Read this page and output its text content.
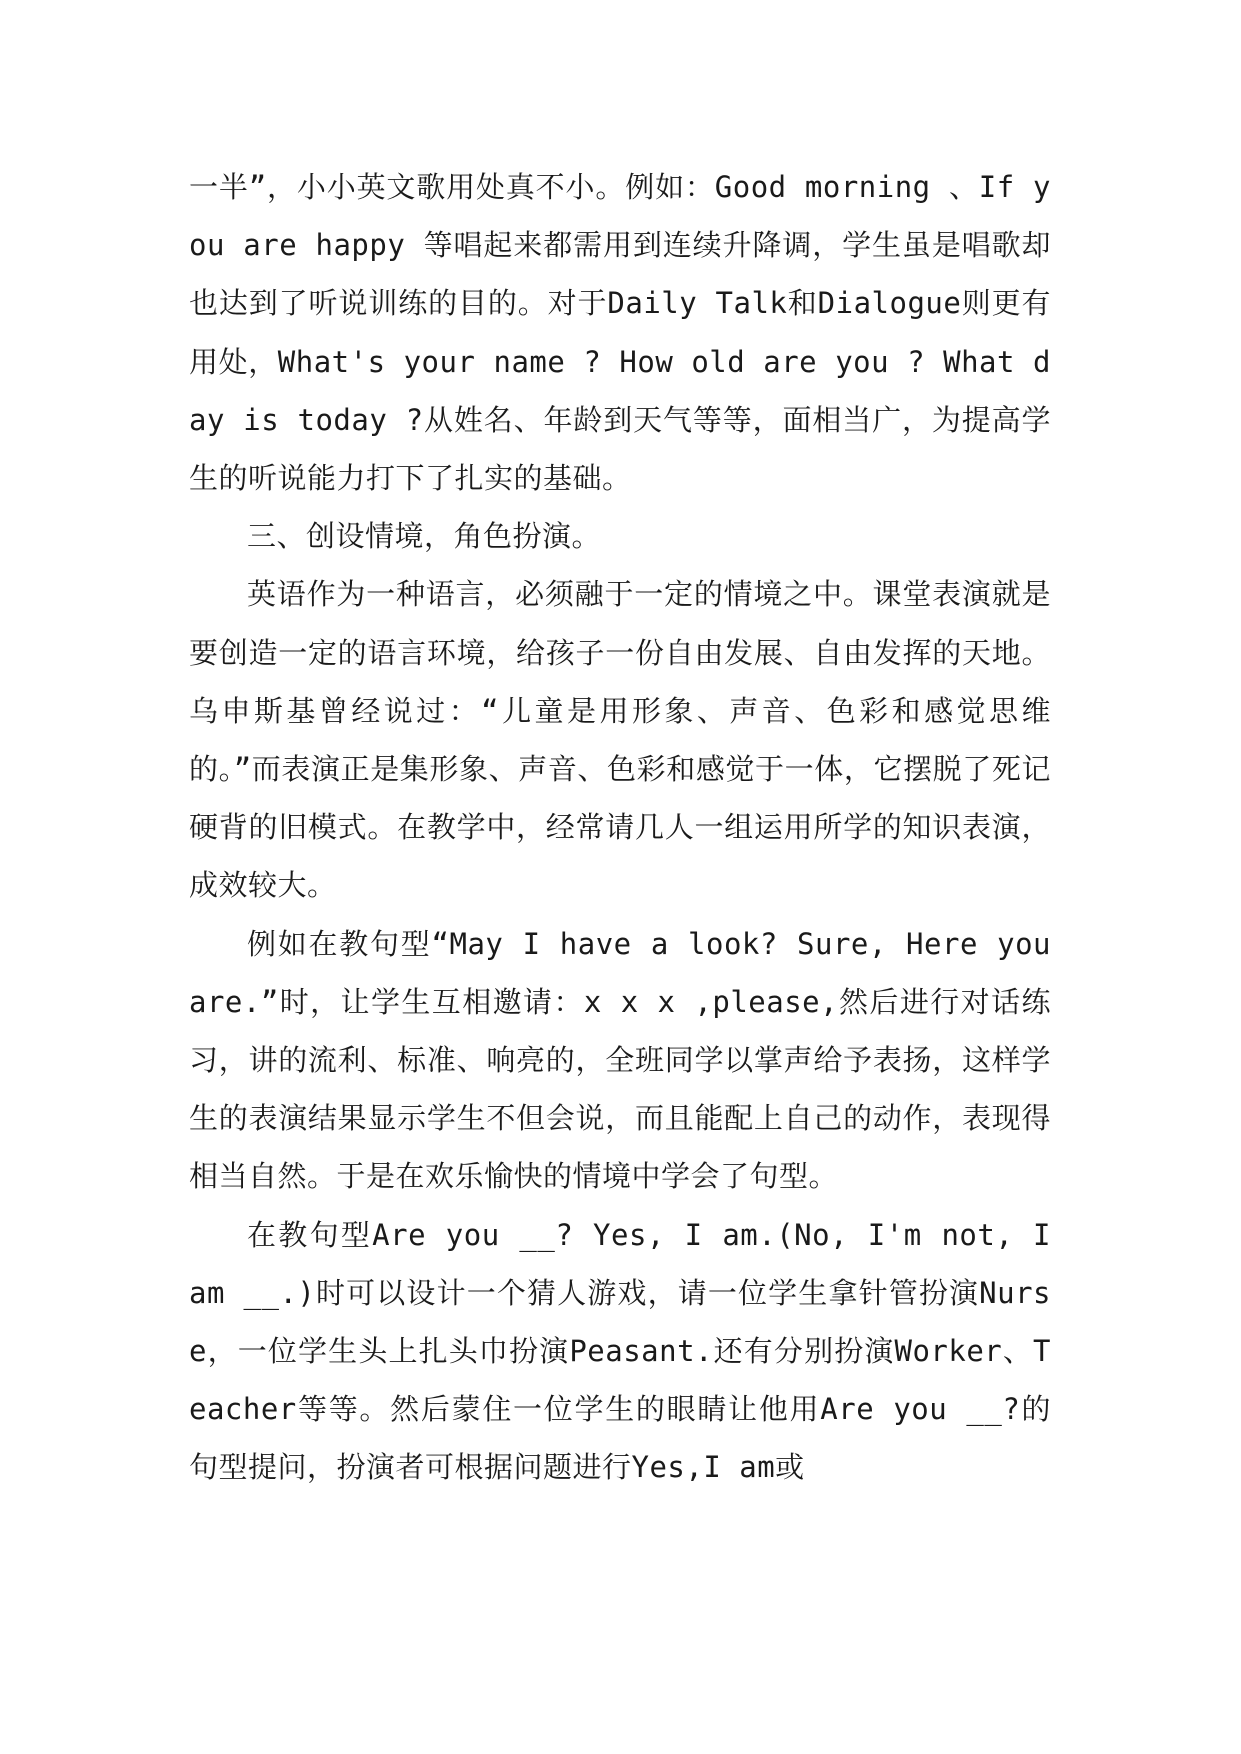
一半”，小小英文歌用处真不小。例如：Good morning 、If you are happy 等唱起来都需用到连续升降调，学生虽是唱歌却也达到了听说训练的目的。对于Daily Talk和Dialogue则更有用处，What's your name ? How old are you ? What day is today ?从姓名、年龄到天气等等，面相当广，为提高学生的听说能力打下了扎实的基础。

三、创设情境，角色扮演。

英语作为一种语言，必须融于一定的情境之中。课堂表演就是要创造一定的语言环境，给孩子一份自由发展、自由发挥的天地。乌申斯基曾经说过：“儿童是用形象、声音、色彩和感觉思维的。”而表演正是集形象、声音、色彩和感觉于一体，它摆脱了死记硬背的旧模式。在教学中，经常请几人一组运用所学的知识表演，成效较大。

例如在教句型“May I have a look? Sure, Here you are.”时，让学生互相邀请：x x x ,please,然后进行对话练习，讲的流利、标准、响亮的，全班同学以掌声给予表扬，这样学生的表演结果显示学生不但会说，而且能配上自己的动作，表现得相当自然。于是在欢乐愉快的情境中学会了句型。

在教句型Are you __? Yes, I am.(No, I'm not, I am __.)时可以设计一个猜人游戏，请一位学生拿针管扮演Nurse，一位学生头上扎头巾扮演Peasant.还有分别扮演Worker、Teacher等等。然后蒙住一位学生的眼睛让他用Are you __?的句型提问，扮演者可根据问题进行Yes,I am或
